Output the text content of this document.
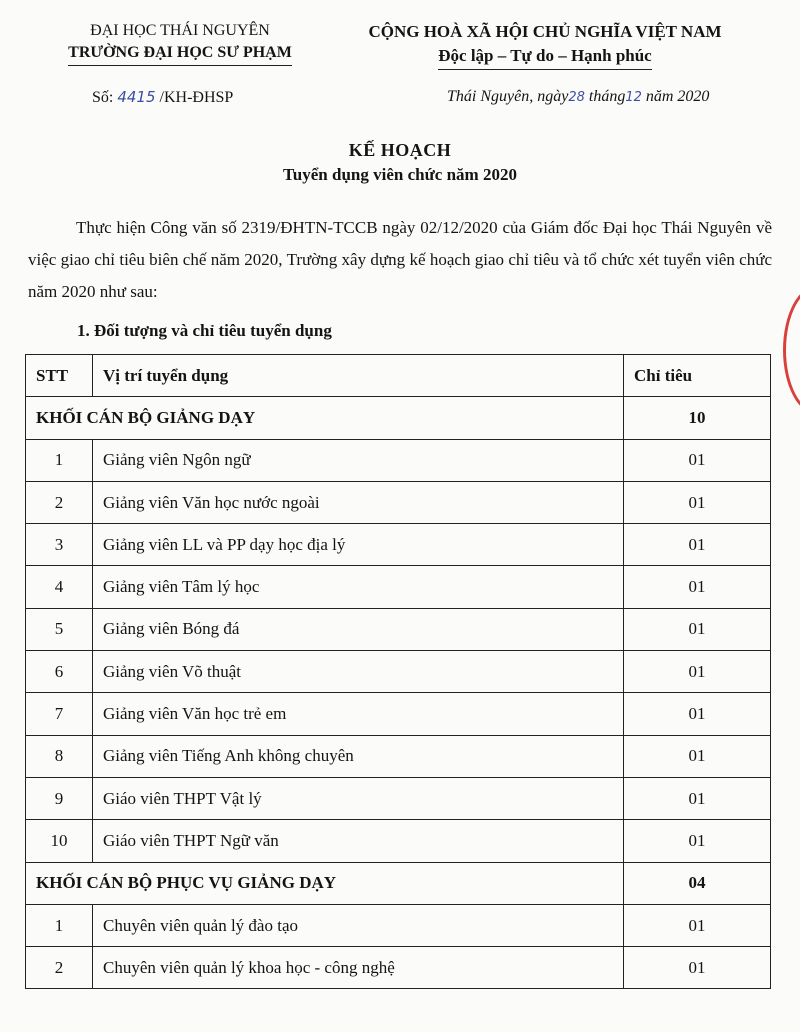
ĐẠI HỌC THÁI NGUYÊN
TRƯỜNG ĐẠI HỌC SƯ PHẠM
CỘNG HOÀ XÃ HỘI CHỦ NGHĨA VIỆT NAM
Độc lập – Tự do – Hạnh phúc
Số: 4415 /KH-ĐHSP	Thái Nguyên, ngày28 tháng12 năm 2020
KẾ HOẠCH
Tuyển dụng viên chức năm 2020

Thực hiện Công văn số 2319/ĐHTN-TCCB ngày 02/12/2020 của Giám đốc Đại học Thái Nguyên về việc giao chỉ tiêu biên chế năm 2020, Trường xây dựng kế hoạch giao chỉ tiêu và tổ chức xét tuyển viên chức năm 2020 như sau:

1. Đối tượng và chỉ tiêu tuyển dụng
STT	Vị trí tuyển dụng	Chỉ tiêu
KHỐI CÁN BỘ GIẢNG DẠY		10
1	Giảng viên Ngôn ngữ	01
2	Giảng viên Văn học nước ngoài	01
3	Giảng viên LL và PP dạy học địa lý	01
4	Giảng viên Tâm lý học	01
5	Giảng viên Bóng đá	01
6	Giảng viên Võ thuật	01
7	Giảng viên Văn học trẻ em	01
8	Giảng viên Tiếng Anh không chuyên	01
9	Giáo viên THPT Vật lý	01
10	Giáo viên THPT Ngữ văn	01
KHỐI CÁN BỘ PHỤC VỤ GIẢNG DẠY		04
1	Chuyên viên quản lý đào tạo	01
2	Chuyên viên quản lý khoa học - công nghệ	01
